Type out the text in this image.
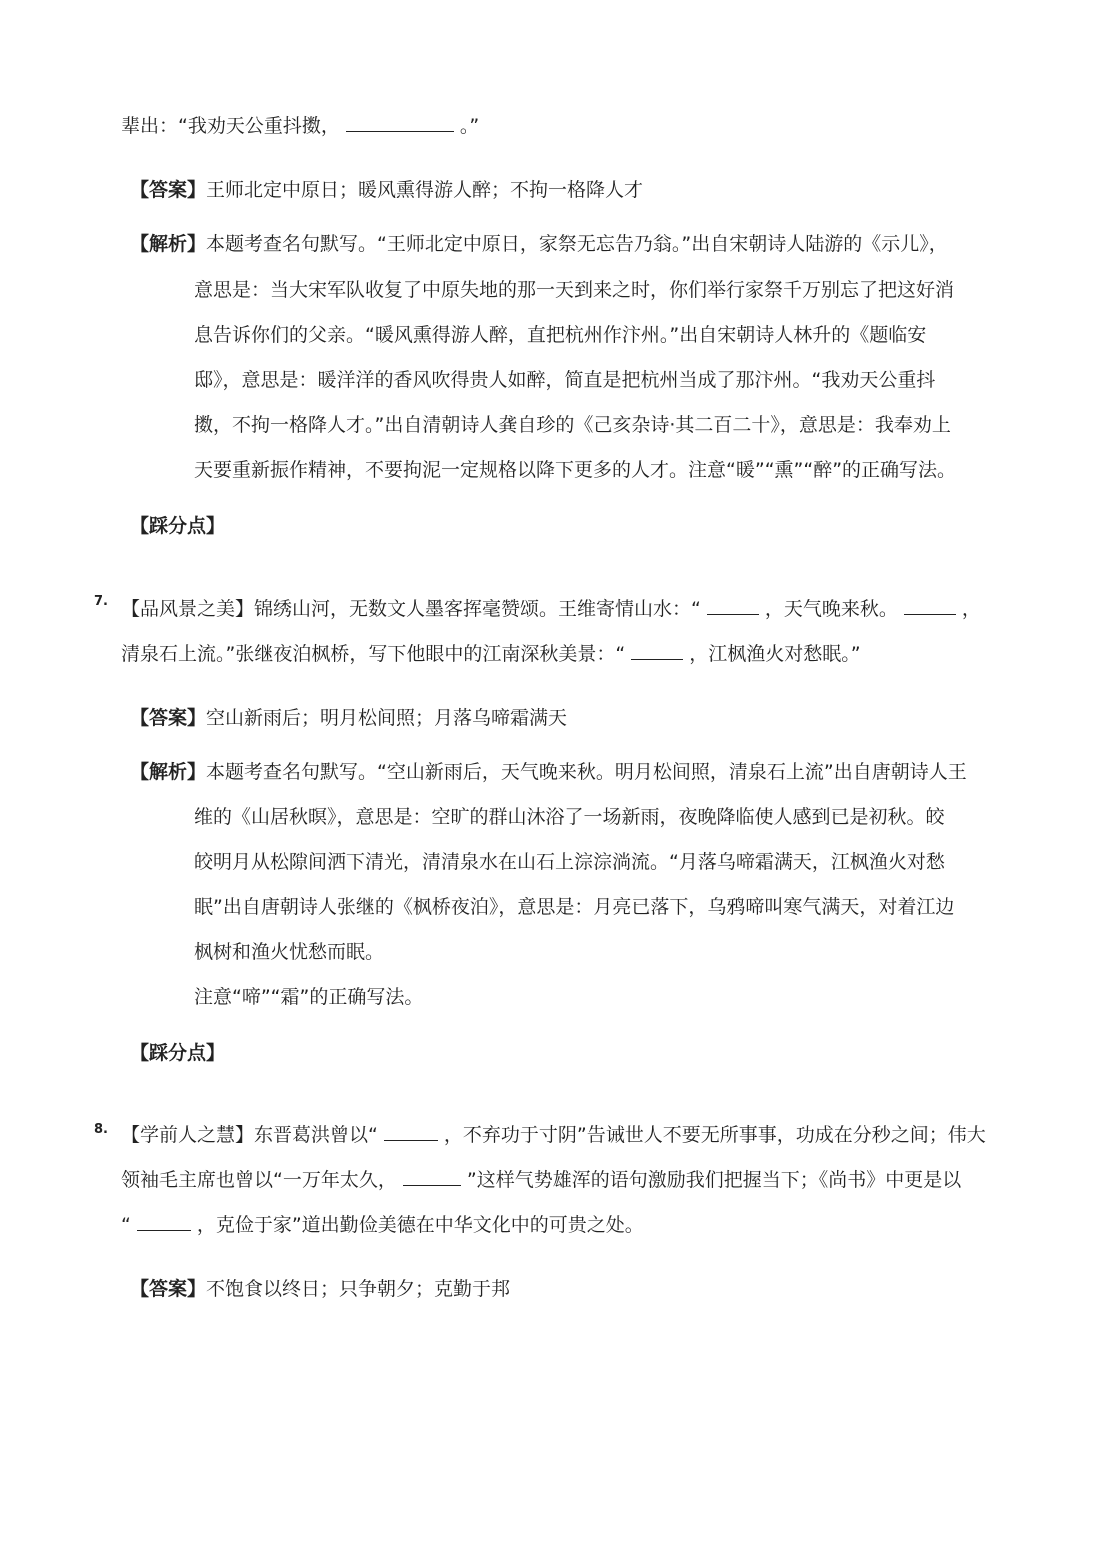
辈出：“我劝天公重抖擞，	。”
【答案】王师北定中原日；暖风熏得游人醉；不拘一格降人才
【解析】本题考查名句默写。“王师北定中原日，家祭无忘告乃翁。”出自宋朝诗人陆游的《示儿》，
意思是：当大宋军队收复了中原失地的那一天到来之时，你们举行家祭千万别忘了把这好消
息告诉你们的父亲。“暖风熏得游人醉，直把杭州作汴州。”出自宋朝诗人林升的《题临安
邸》，意思是：暖洋洋的香风吹得贵人如醉，简直是把杭州当成了那汴州。“我劝天公重抖
擞，不拘一格降人才。”出自清朝诗人龚自珍的《己亥杂诗·其二百二十》，意思是：我奉劝上
天要重新振作精神，不要拘泥一定规格以降下更多的人才。注意“暖”“熏”“醉”的正确写法。
【踩分点】
7. 【品风景之美】锦绣山河，无数文人墨客挥毫赞颂。王维寄情山水：“	，天气晚来秋。	，
清泉石上流。”张继夜泊枫桥，写下他眼中的江南深秋美景：“	，江枫渔火对愁眠。”
【答案】空山新雨后；明月松间照；月落乌啼霜满天
【解析】本题考查名句默写。“空山新雨后，天气晚来秋。明月松间照，清泉石上流”出自唐朝诗人王
维的《山居秋暝》，意思是：空旷的群山沐浴了一场新雨，夜晚降临使人感到已是初秋。皎
皎明月从松隙间洒下清光，清清泉水在山石上淙淙淌流。“月落乌啼霜满天，江枫渔火对愁
眠”出自唐朝诗人张继的《枫桥夜泊》，意思是：月亮已落下，乌鸦啼叫寒气满天，对着江边
枫树和渔火忧愁而眠。
注意“啼”“霜”的正确写法。
【踩分点】
8. 【学前人之慧】东晋葛洪曾以“	，不弃功于寸阴”告诫世人不要无所事事，功成在分秒之间；伟大
领袖毛主席也曾以“一万年太久，	”这样气势雄浑的语句激励我们把握当下；《尚书》中更是以
“	，克俭于家”道出勤俭美德在中华文化中的可贵之处。
【答案】不饱食以终日；只争朝夕；克勤于邦
